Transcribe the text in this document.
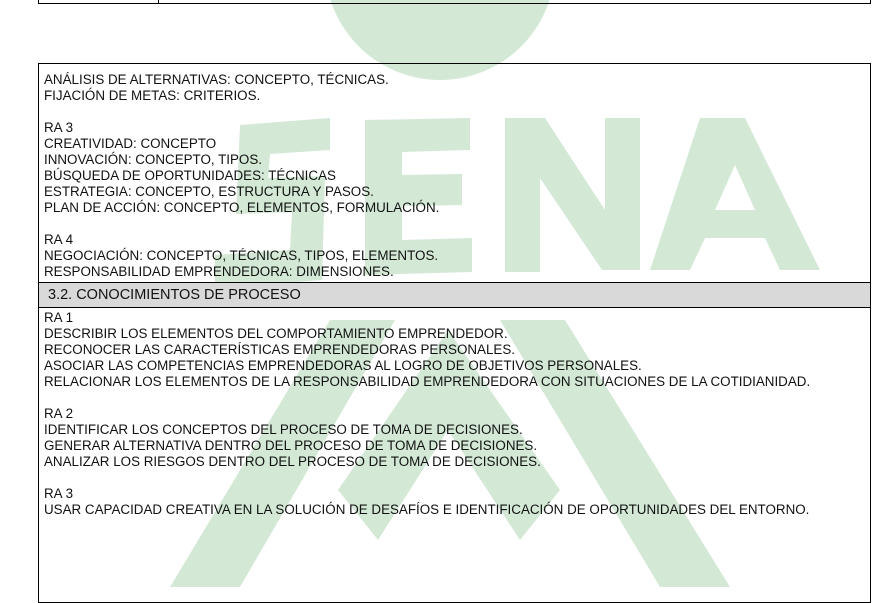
ANÁLISIS DE ALTERNATIVAS: CONCEPTO, TÉCNICAS.
FIJACIÓN DE METAS: CRITERIOS.
RA 3
CREATIVIDAD: CONCEPTO
INNOVACIÓN: CONCEPTO, TIPOS.
BÚSQUEDA DE OPORTUNIDADES: TÉCNICAS
ESTRATEGIA: CONCEPTO, ESTRUCTURA Y PASOS.
PLAN DE ACCIÓN: CONCEPTO, ELEMENTOS, FORMULACIÓN.
RA 4
NEGOCIACIÓN: CONCEPTO, TÉCNICAS, TIPOS, ELEMENTOS.
RESPONSABILIDAD EMPRENDEDORA: DIMENSIONES.
3.2. CONOCIMIENTOS DE PROCESO
RA 1
DESCRIBIR LOS ELEMENTOS DEL COMPORTAMIENTO EMPRENDEDOR.
RECONOCER LAS CARACTERÍSTICAS EMPRENDEDORAS PERSONALES.
ASOCIAR LAS COMPETENCIAS EMPRENDEDORAS AL LOGRO DE OBJETIVOS PERSONALES.
RELACIONAR LOS ELEMENTOS DE LA RESPONSABILIDAD EMPRENDEDORA CON SITUACIONES DE LA COTIDIANIDAD.
RA 2
IDENTIFICAR LOS CONCEPTOS DEL PROCESO DE TOMA DE DECISIONES.
GENERAR ALTERNATIVA DENTRO DEL PROCESO DE TOMA DE DECISIONES.
ANALIZAR LOS RIESGOS DENTRO DEL PROCESO DE TOMA DE DECISIONES.
RA 3
USAR CAPACIDAD CREATIVA EN LA SOLUCIÓN DE DESAFÍOS E IDENTIFICACIÓN DE OPORTUNIDADES DEL ENTORNO.
